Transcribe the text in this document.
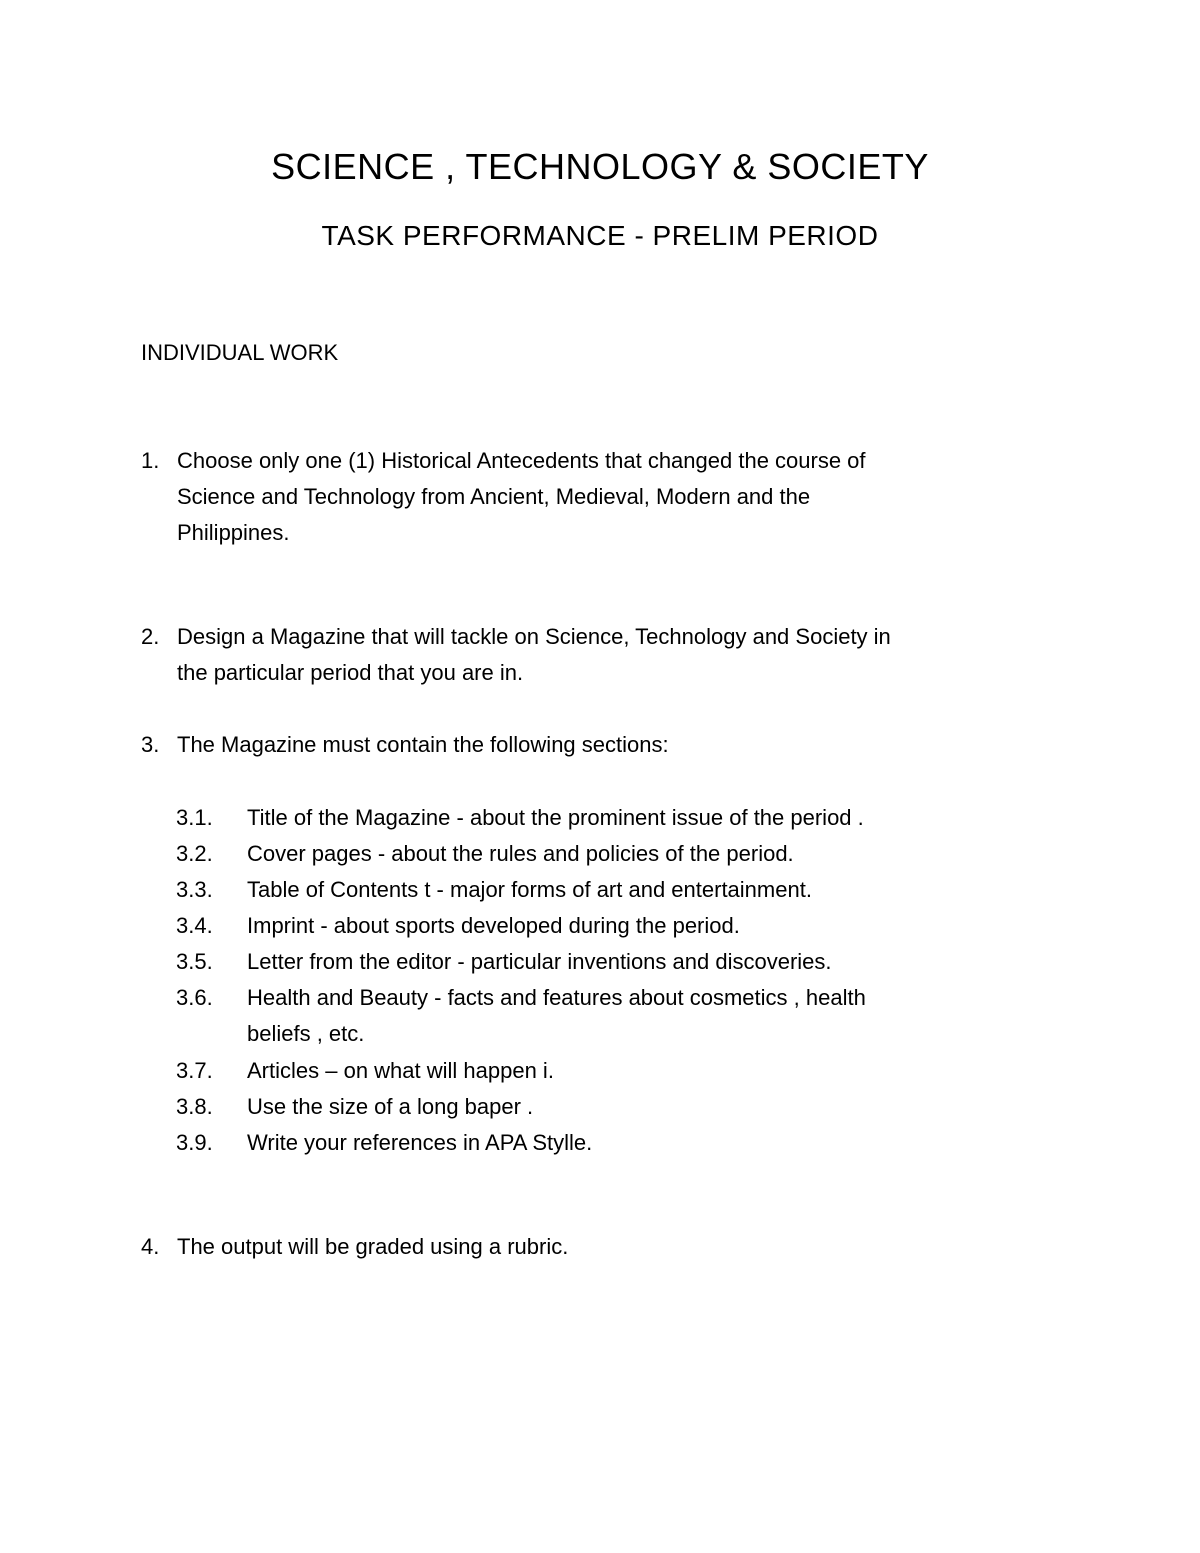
SCIENCE , TECHNOLOGY & SOCIETY
TASK PERFORMANCE - PRELIM PERIOD
INDIVIDUAL WORK
1. Choose only one (1) Historical Antecedents that changed the course of
Science and Technology from Ancient, Medieval, Modern and the
Philippines.
2. Design a Magazine that will tackle on Science, Technology and Society in
the particular period that you are in.
3. The Magazine must contain the following sections:
3.1. Title of the Magazine - about the prominent issue of the period .
3.2. Cover pages - about the rules and policies of the period.
3.3. Table of Contents t - major forms of art and entertainment.
3.4. Imprint - about sports developed during the period.
3.5. Letter from the editor - particular inventions and discoveries.
3.6. Health and Beauty - facts and features about cosmetics , health
beliefs , etc.
3.7. Articles – on what will happen i.
3.8. Use the size of a long baper .
3.9. Write your references in APA Stylle.
4. The output will be graded using a rubric.
